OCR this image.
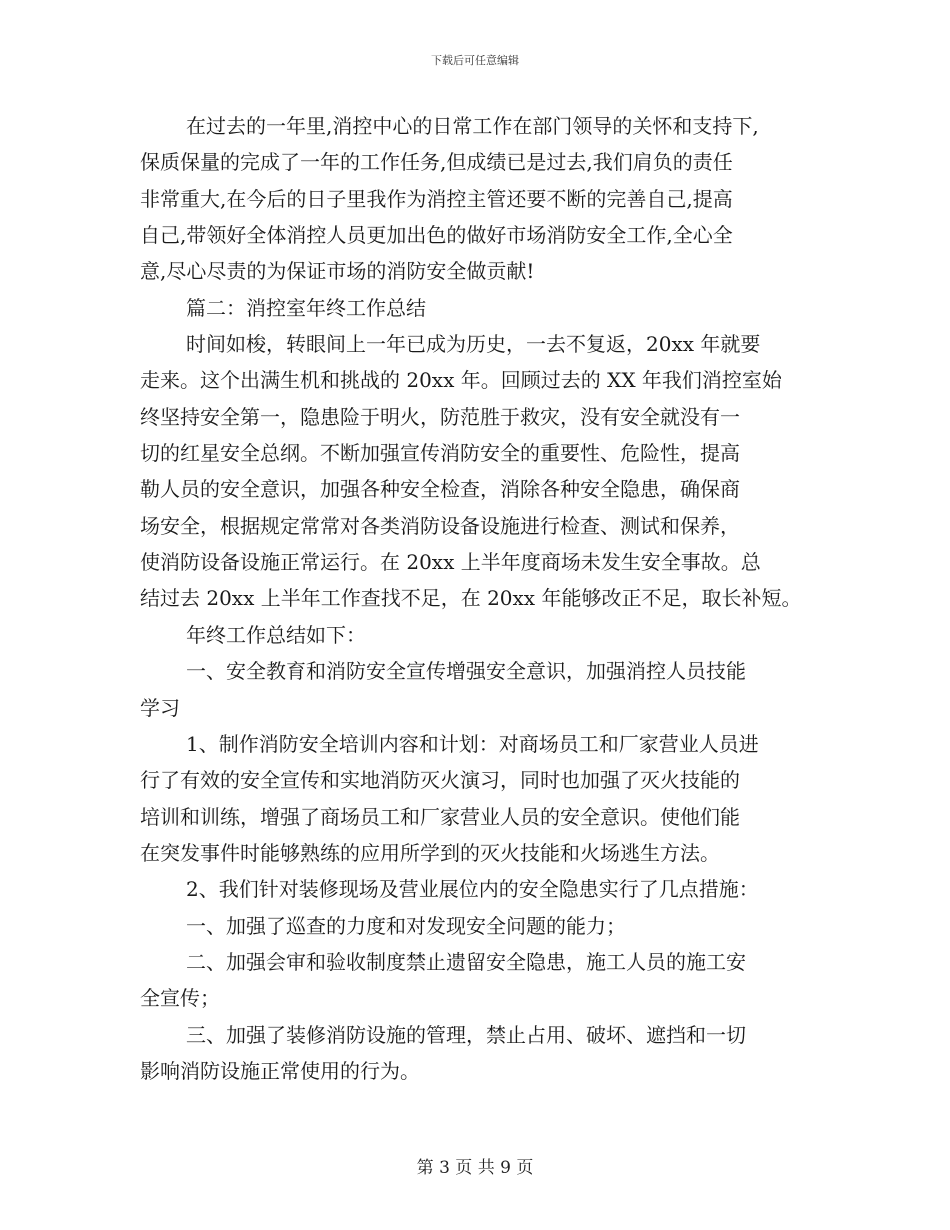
下载后可任意编辑
在过去的一年里,消控中心的日常工作在部门领导的关怀和支持下,
保质保量的完成了一年的工作任务,但成绩已是过去,我们肩负的责任
非常重大,在今后的日子里我作为消控主管还要不断的完善自己,提高
自己,带领好全体消控人员更加出色的做好市场消防安全工作,全心全
意,尽心尽责的为保证市场的消防安全做贡献!
篇二：消控室年终工作总结
时间如梭，转眼间上一年已成为历史，一去不复返，20xx 年就要
走来。这个出满生机和挑战的 20xx 年。回顾过去的 XX 年我们消控室始
终坚持安全第一，隐患险于明火，防范胜于救灾，没有安全就没有一
切的红星安全总纲。不断加强宣传消防安全的重要性、危险性，提高
勒人员的安全意识，加强各种安全检查，消除各种安全隐患，确保商
场安全，根据规定常常对各类消防设备设施进行检查、测试和保养，
使消防设备设施正常运行。在 20xx 上半年度商场未发生安全事故。总
结过去 20xx 上半年工作查找不足，在 20xx 年能够改正不足，取长补短。
年终工作总结如下：
一、安全教育和消防安全宣传增强安全意识，加强消控人员技能
学习
1、制作消防安全培训内容和计划：对商场员工和厂家营业人员进
行了有效的安全宣传和实地消防灭火演习，同时也加强了灭火技能的
培训和训练，增强了商场员工和厂家营业人员的安全意识。使他们能
在突发事件时能够熟练的应用所学到的灭火技能和火场逃生方法。
2、我们针对装修现场及营业展位内的安全隐患实行了几点措施：
一、加强了巡查的力度和对发现安全问题的能力；
二、加强会审和验收制度禁止遗留安全隐患，施工人员的施工安
全宣传；
三、加强了装修消防设施的管理，禁止占用、破坏、遮挡和一切
影响消防设施正常使用的行为。
第 3 页 共 9 页
